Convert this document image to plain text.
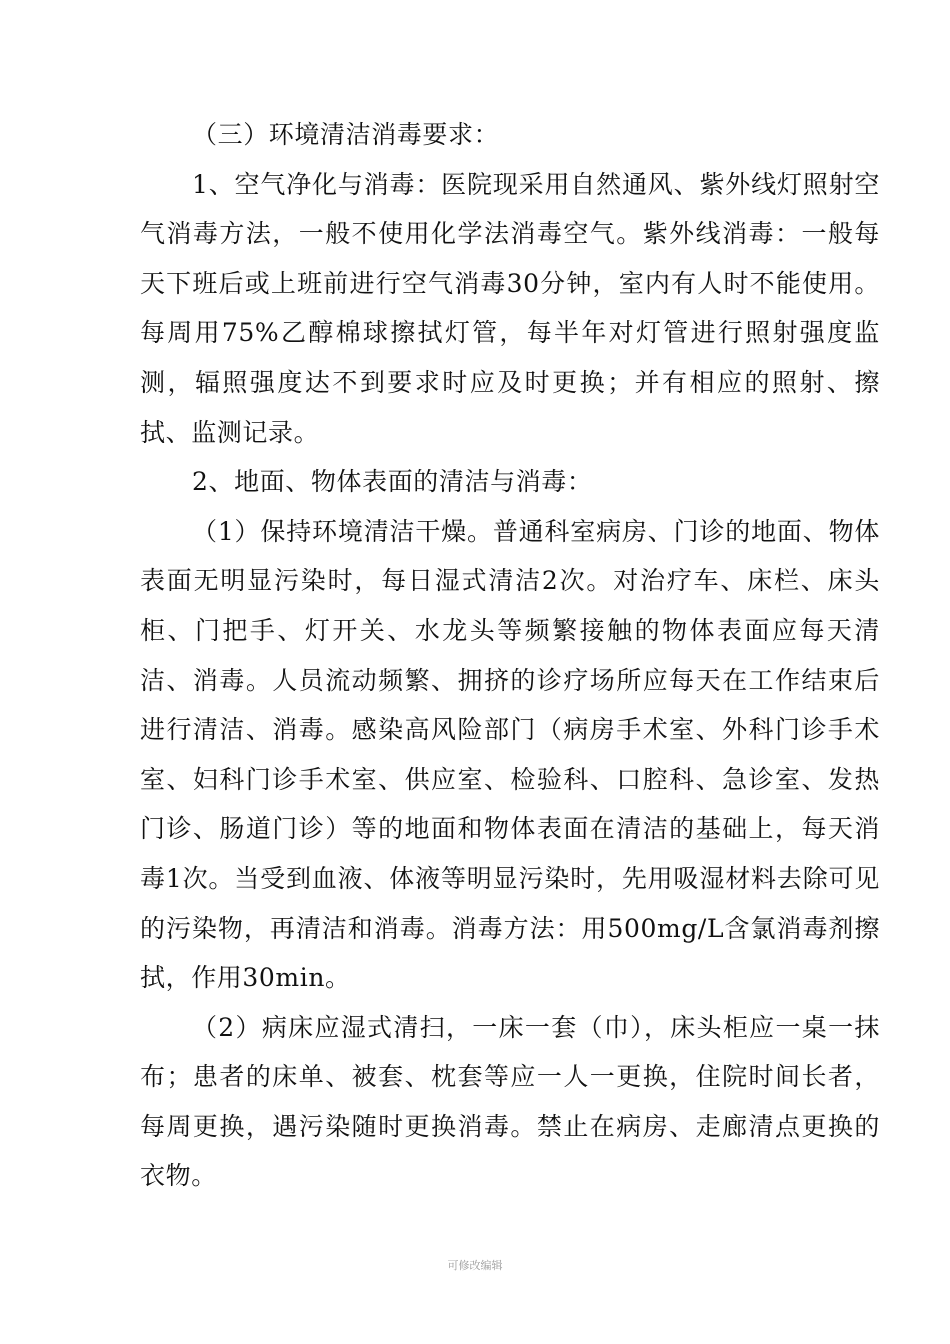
（三）环境清洁消毒要求：

1、空气净化与消毒：医院现采用自然通风、紫外线灯照射空气消毒方法，一般不使用化学法消毒空气。紫外线消毒：一般每天下班后或上班前进行空气消毒30分钟，室内有人时不能使用。每周用75%乙醇棉球擦拭灯管，每半年对灯管进行照射强度监测，辐照强度达不到要求时应及时更换；并有相应的照射、擦拭、监测记录。

2、地面、物体表面的清洁与消毒：

（1）保持环境清洁干燥。普通科室病房、门诊的地面、物体表面无明显污染时，每日湿式清洁2次。对治疗车、床栏、床头柜、门把手、灯开关、水龙头等频繁接触的物体表面应每天清洁、消毒。人员流动频繁、拥挤的诊疗场所应每天在工作结束后进行清洁、消毒。感染高风险部门（病房手术室、外科门诊手术室、妇科门诊手术室、供应室、检验科、口腔科、急诊室、发热门诊、肠道门诊）等的地面和物体表面在清洁的基础上，每天消毒1次。当受到血液、体液等明显污染时，先用吸湿材料去除可见的污染物，再清洁和消毒。消毒方法：用500mg/L含氯消毒剂擦拭，作用30min。

（2）病床应湿式清扫，一床一套（巾），床头柜应一桌一抹布；患者的床单、被套、枕套等应一人一更换，住院时间长者，每周更换，遇污染随时更换消毒。禁止在病房、走廊清点更换的衣物。

可修改编辑
